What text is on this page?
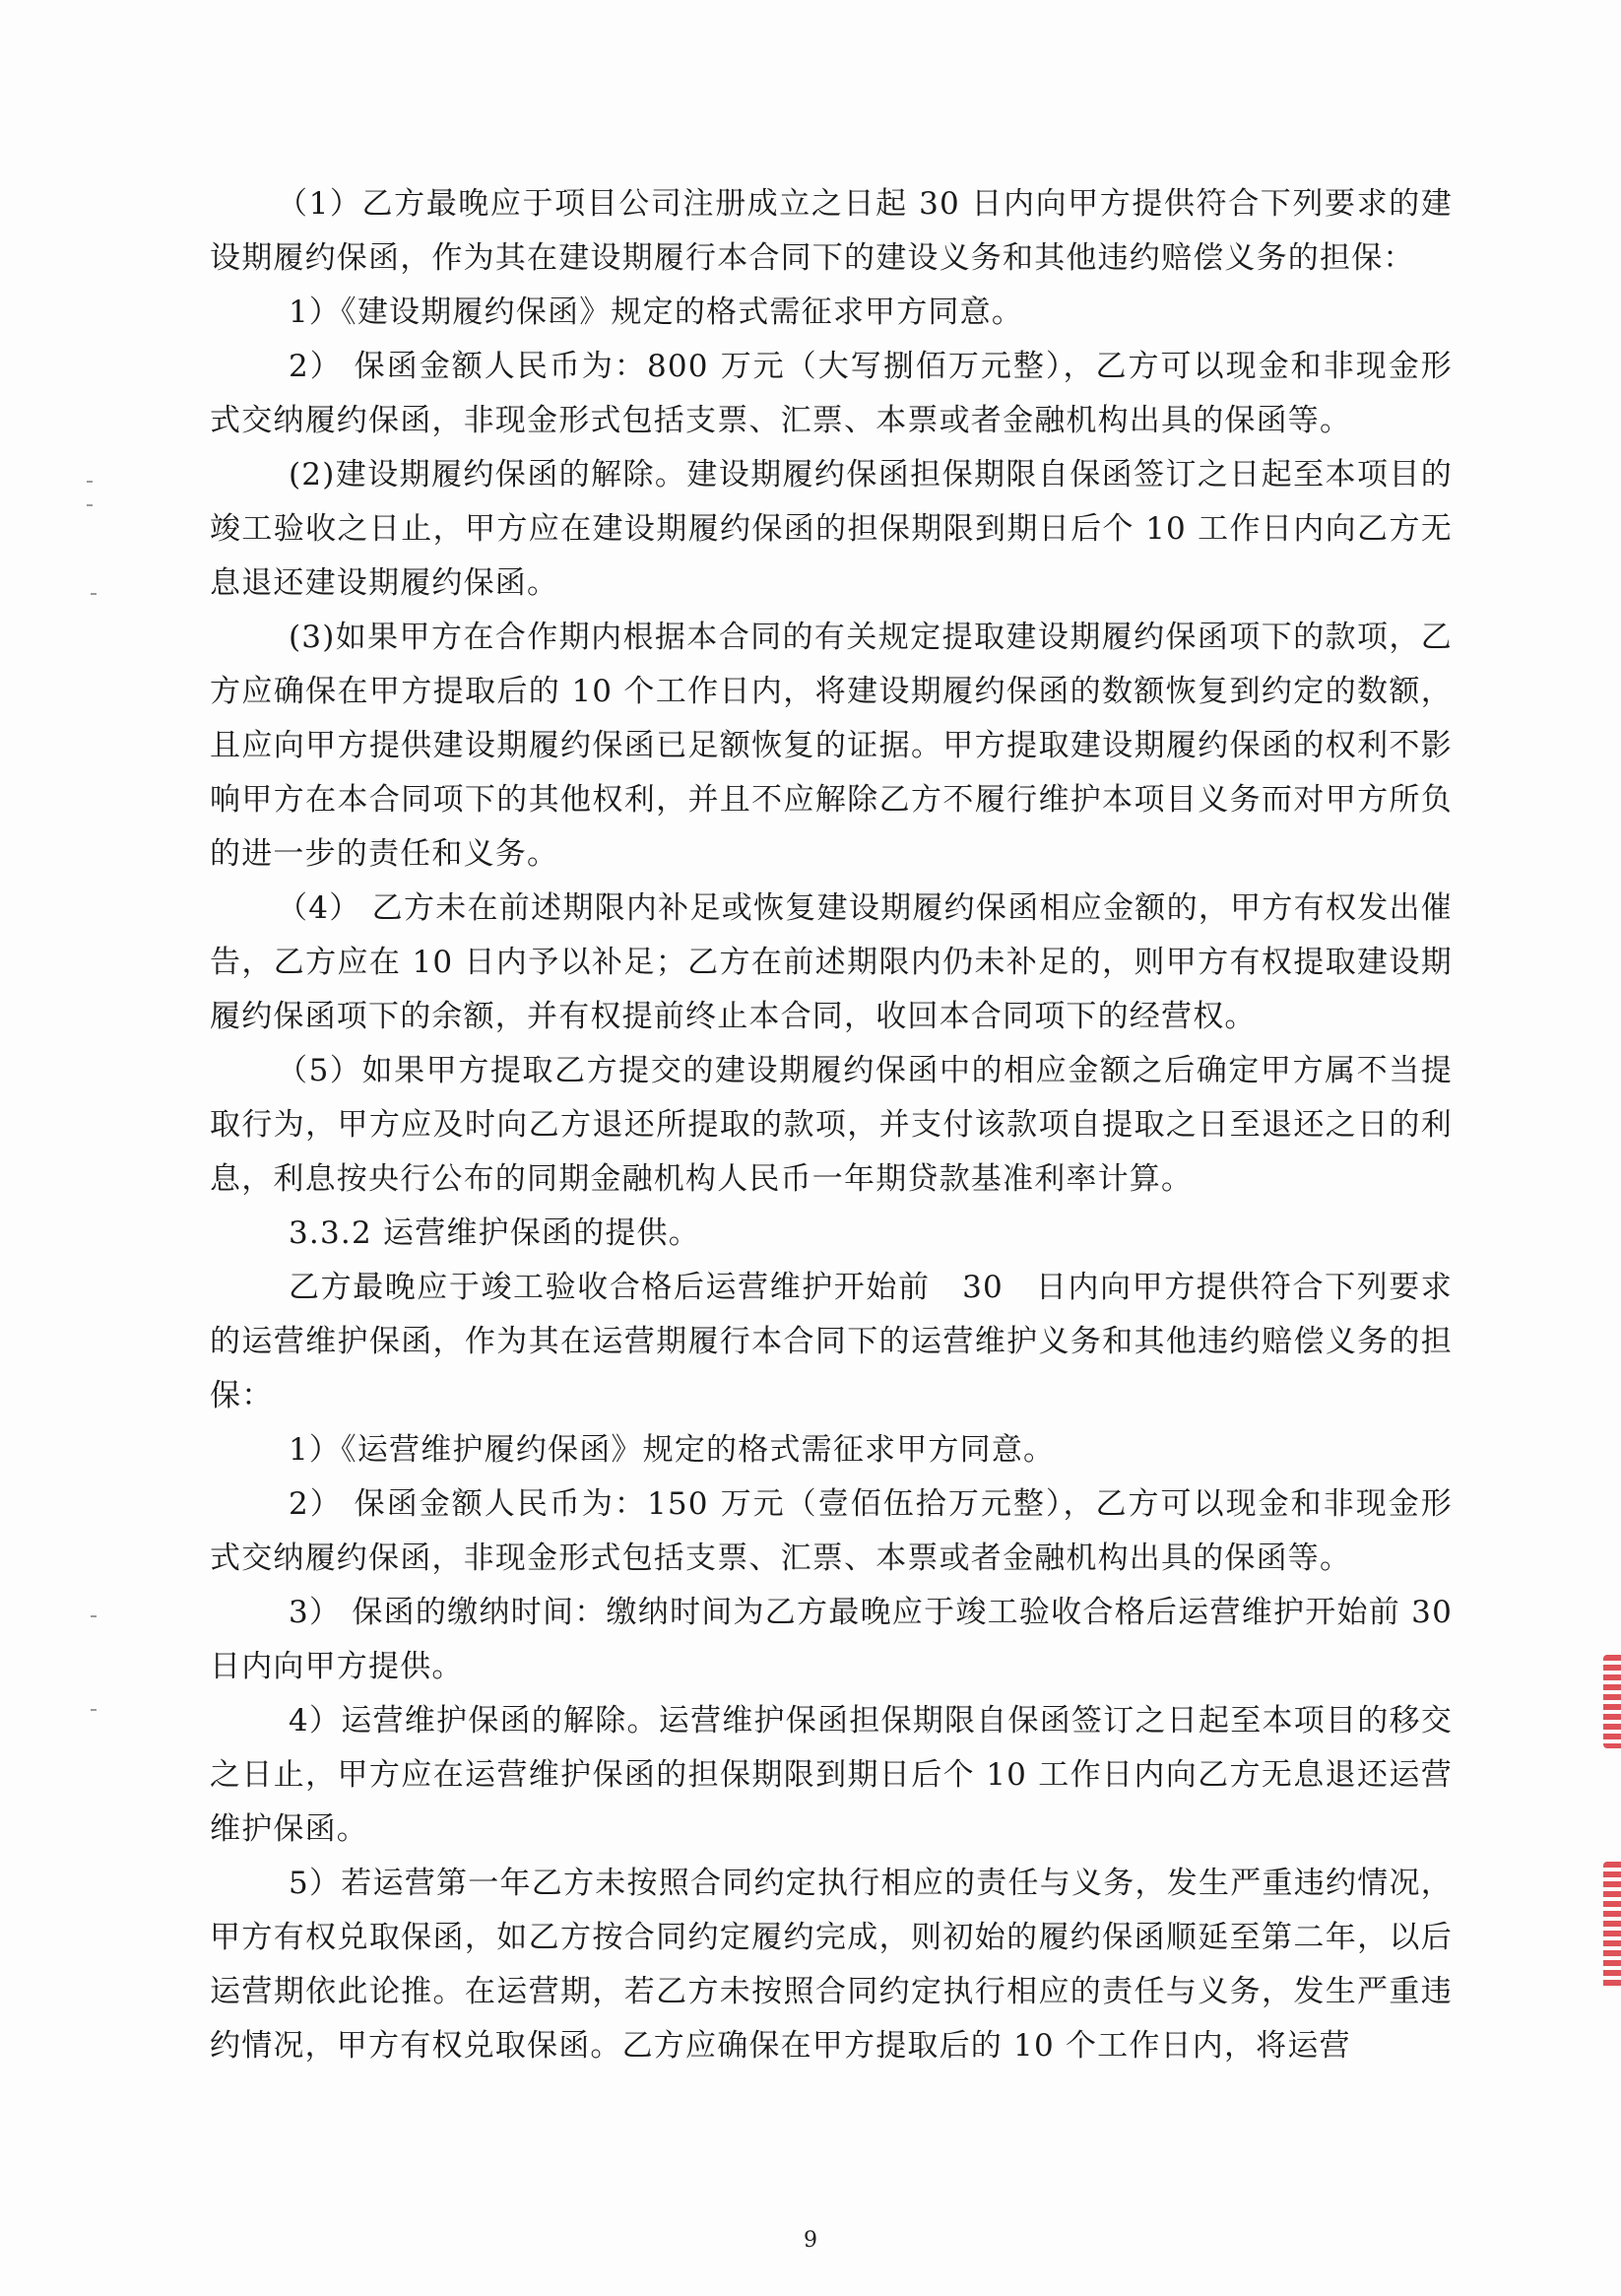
（1）乙方最晚应于项目公司注册成立之日起 30 日内向甲方提供符合下列要求的建设期履约保函，作为其在建设期履行本合同下的建设义务和其他违约赔偿义务的担保：

1）《建设期履约保函》规定的格式需征求甲方同意。

2） 保函金额人民币为：800 万元（大写捌佰万元整），乙方可以现金和非现金形式交纳履约保函，非现金形式包括支票、汇票、本票或者金融机构出具的保函等。

(2)建设期履约保函的解除。建设期履约保函担保期限自保函签订之日起至本项目的竣工验收之日止，甲方应在建设期履约保函的担保期限到期日后个 10 工作日内向乙方无息退还建设期履约保函。

(3)如果甲方在合作期内根据本合同的有关规定提取建设期履约保函项下的款项，乙方应确保在甲方提取后的 10 个工作日内，将建设期履约保函的数额恢复到约定的数额，且应向甲方提供建设期履约保函已足额恢复的证据。甲方提取建设期履约保函的权利不影响甲方在本合同项下的其他权利，并且不应解除乙方不履行维护本项目义务而对甲方所负的进一步的责任和义务。

（4） 乙方未在前述期限内补足或恢复建设期履约保函相应金额的，甲方有权发出催告，乙方应在 10 日内予以补足；乙方在前述期限内仍未补足的，则甲方有权提取建设期履约保函项下的余额，并有权提前终止本合同，收回本合同项下的经营权。

（5）如果甲方提取乙方提交的建设期履约保函中的相应金额之后确定甲方属不当提取行为，甲方应及时向乙方退还所提取的款项，并支付该款项自提取之日至退还之日的利息，利息按央行公布的同期金融机构人民币一年期贷款基准利率计算。

3.3.2 运营维护保函的提供。

乙方最晚应于竣工验收合格后运营维护开始前　30　日内向甲方提供符合下列要求的运营维护保函，作为其在运营期履行本合同下的运营维护义务和其他违约赔偿义务的担保：

1）《运营维护履约保函》规定的格式需征求甲方同意。

2） 保函金额人民币为：150 万元（壹佰伍拾万元整），乙方可以现金和非现金形式交纳履约保函，非现金形式包括支票、汇票、本票或者金融机构出具的保函等。

3） 保函的缴纳时间：缴纳时间为乙方最晚应于竣工验收合格后运营维护开始前 30　日内向甲方提供。

4）运营维护保函的解除。运营维护保函担保期限自保函签订之日起至本项目的移交之日止，甲方应在运营维护保函的担保期限到期日后个 10 工作日内向乙方无息退还运营维护保函。

5）若运营第一年乙方未按照合同约定执行相应的责任与义务，发生严重违约情况，甲方有权兑取保函，如乙方按合同约定履约完成，则初始的履约保函顺延至第二年，以后运营期依此论推。在运营期，若乙方未按照合同约定执行相应的责任与义务，发生严重违约情况，甲方有权兑取保函。乙方应确保在甲方提取后的 10 个工作日内，将运营

9
